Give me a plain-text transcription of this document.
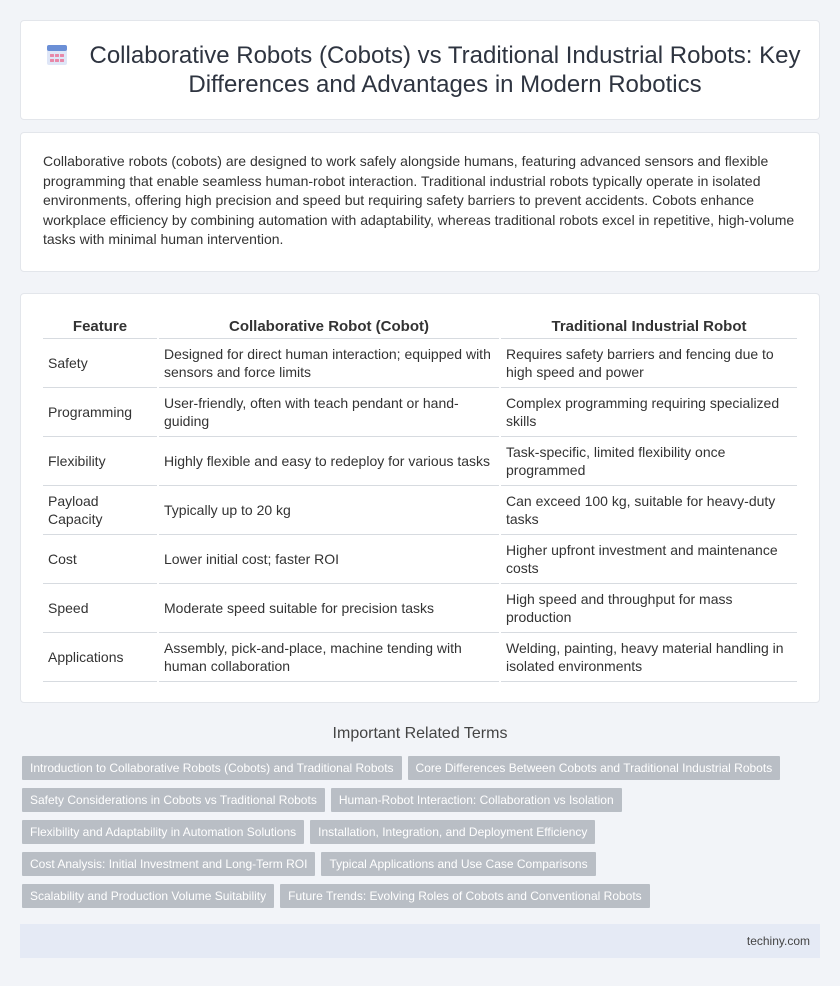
Collaborative Robots (Cobots) vs Traditional Industrial Robots: Key Differences and Advantages in Modern Robotics

Collaborative robots (cobots) are designed to work safely alongside humans, featuring advanced sensors and flexible programming that enable seamless human-robot interaction. Traditional industrial robots typically operate in isolated environments, offering high precision and speed but requiring safety barriers to prevent accidents. Cobots enhance workplace efficiency by combining automation with adaptability, whereas traditional robots excel in repetitive, high-volume tasks with minimal human intervention.

Feature	Collaborative Robot (Cobot)	Traditional Industrial Robot
Safety	Designed for direct human interaction; equipped with sensors and force limits	Requires safety barriers and fencing due to high speed and power
Programming	User-friendly, often with teach pendant or hand-guiding	Complex programming requiring specialized skills
Flexibility	Highly flexible and easy to redeploy for various tasks	Task-specific, limited flexibility once programmed
Payload Capacity	Typically up to 20 kg	Can exceed 100 kg, suitable for heavy-duty tasks
Cost	Lower initial cost; faster ROI	Higher upfront investment and maintenance costs
Speed	Moderate speed suitable for precision tasks	High speed and throughput for mass production
Applications	Assembly, pick-and-place, machine tending with human collaboration	Welding, painting, heavy material handling in isolated environments
Important Related Terms
Introduction to Collaborative Robots (Cobots) and Traditional Robots	Core Differences Between Cobots and Traditional Industrial Robots
Safety Considerations in Cobots vs Traditional Robots	Human-Robot Interaction: Collaboration vs Isolation
Flexibility and Adaptability in Automation Solutions	Installation, Integration, and Deployment Efficiency
Cost Analysis: Initial Investment and Long-Term ROI	Typical Applications and Use Case Comparisons
Scalability and Production Volume Suitability	Future Trends: Evolving Roles of Cobots and Conventional Robots
techiny.com
